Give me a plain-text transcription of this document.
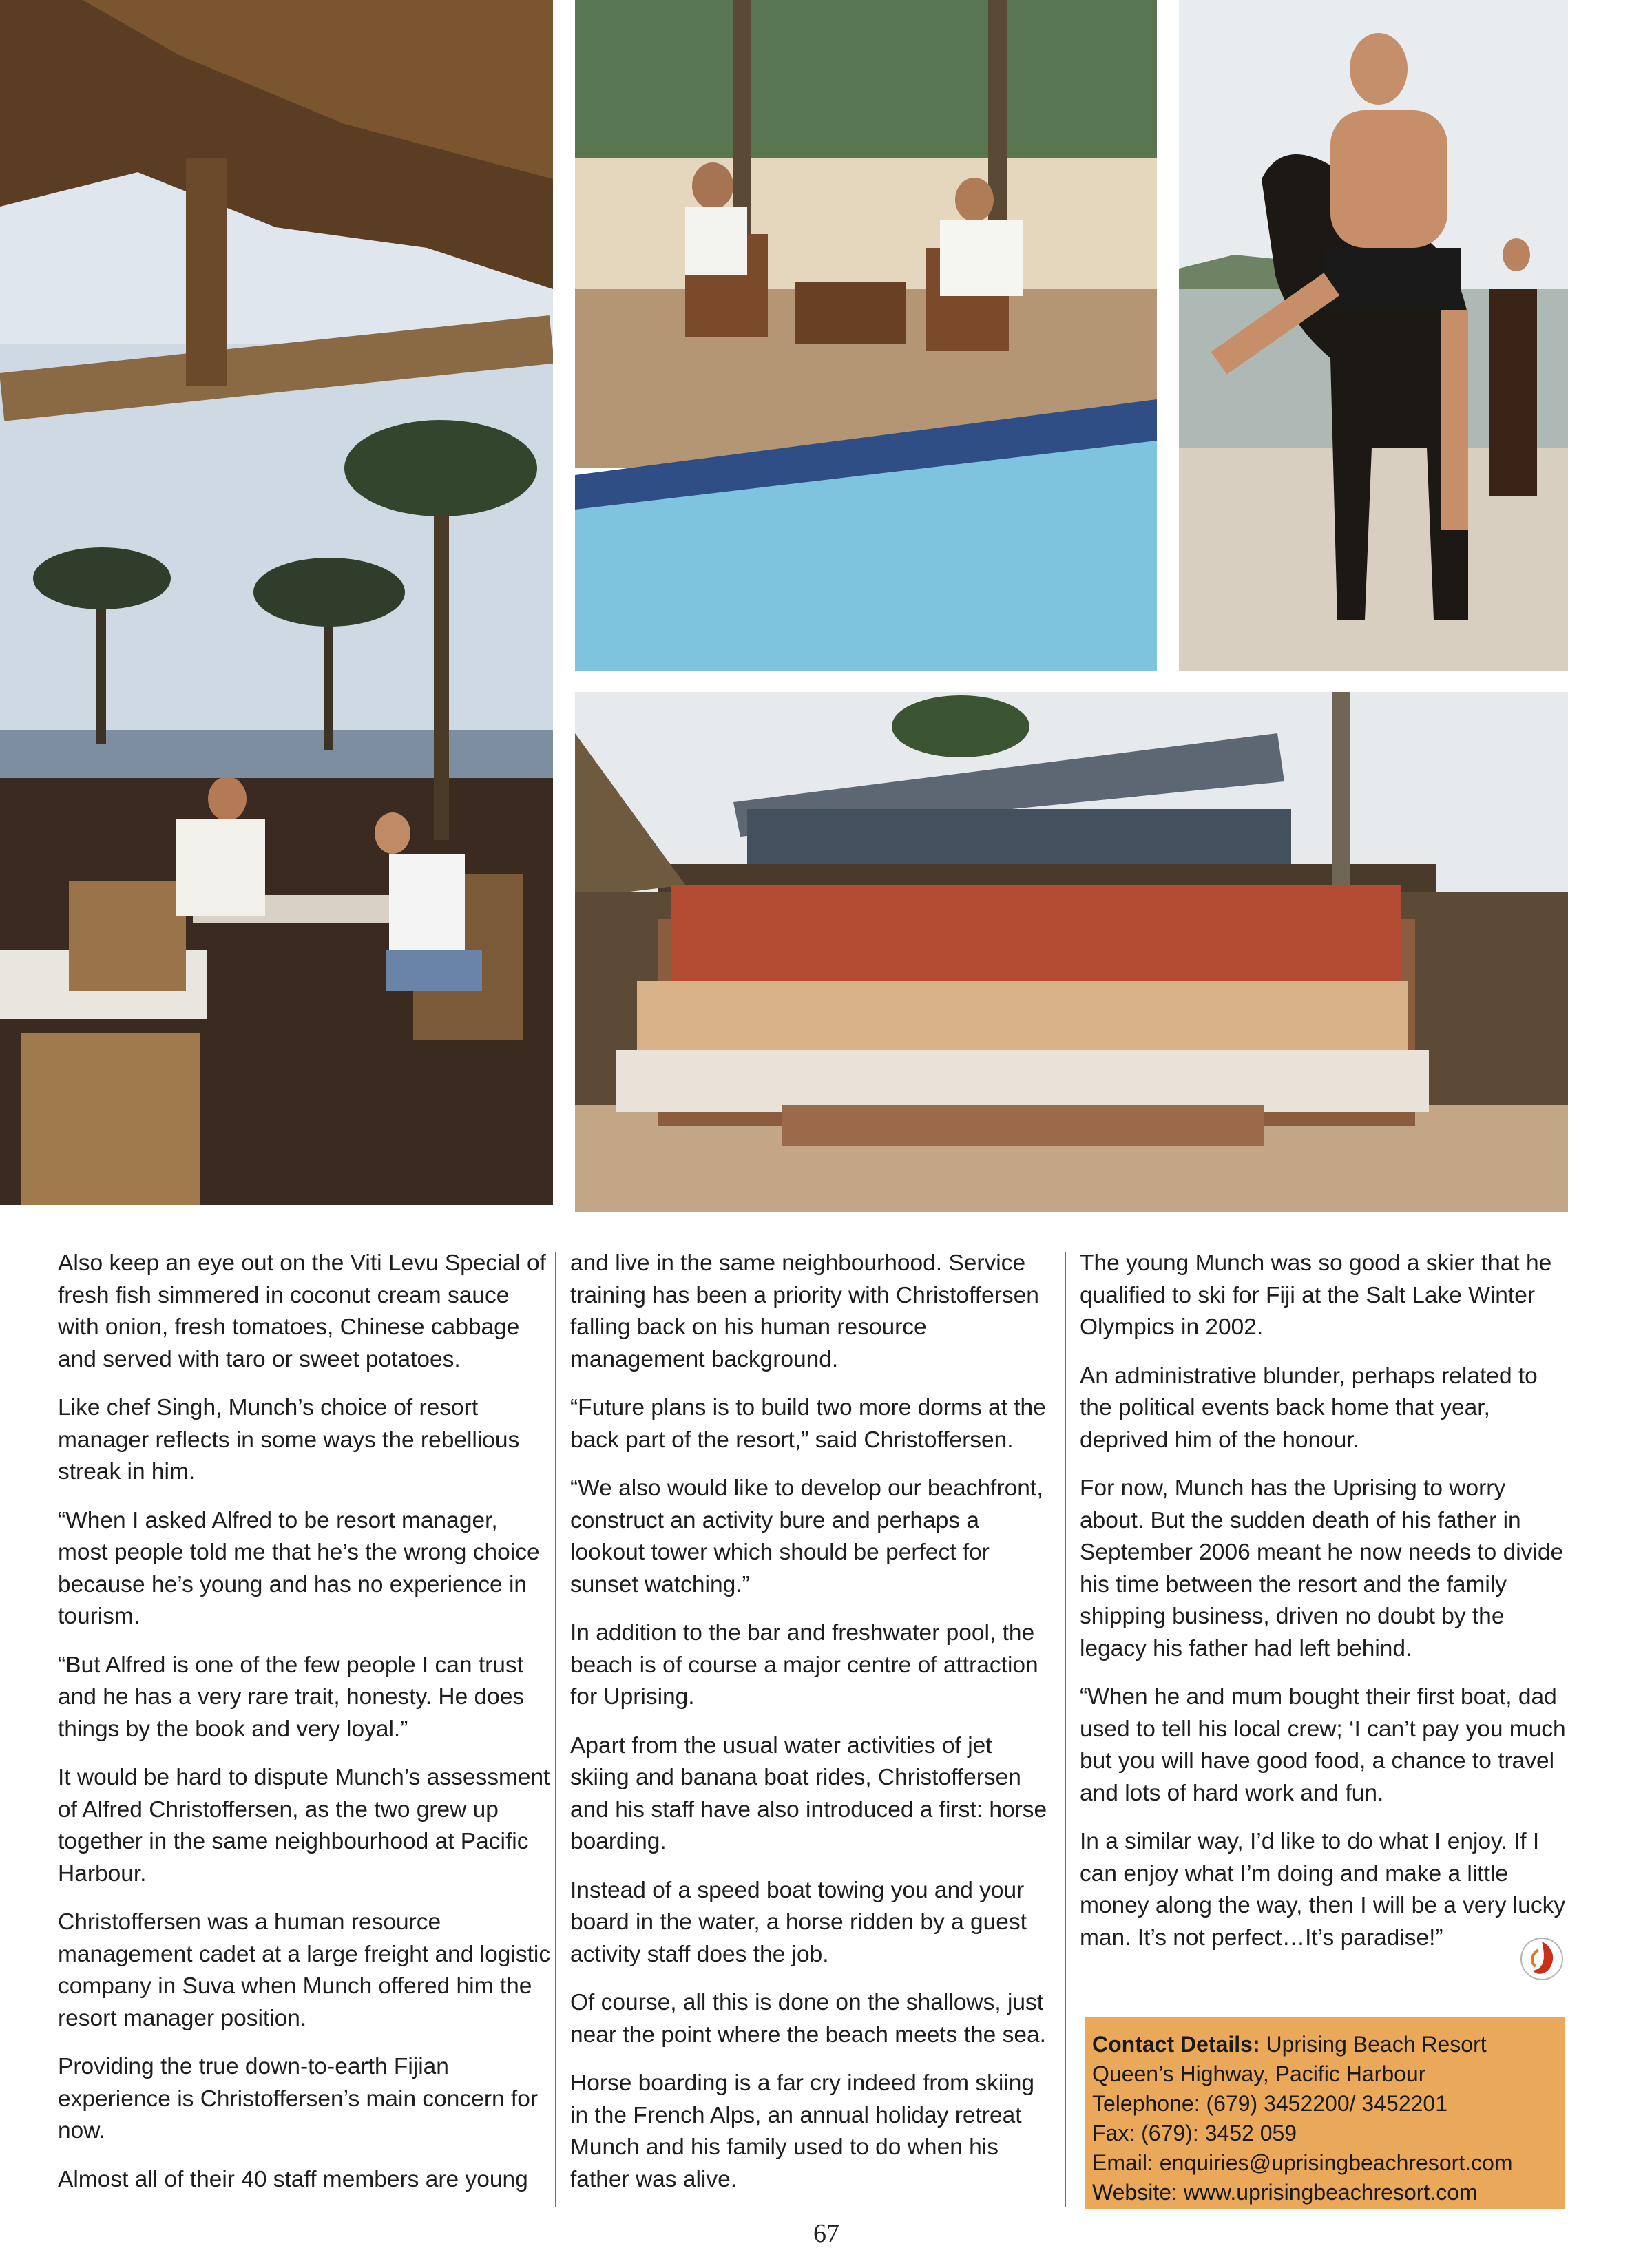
Also keep an eye out on the Viti Levu Special of fresh fish simmered in coconut cream sauce with onion, fresh tomatoes, Chinese cabbage and served with taro or sweet potatoes.

Like chef Singh, Munch’s choice of resort manager reflects in some ways the rebellious streak in him.

“When I asked Alfred to be resort manager, most people told me that he’s the wrong choice because he’s young and has no experience in tourism.

“But Alfred is one of the few people I can trust and he has a very rare trait, honesty. He does things by the book and very loyal.”

It would be hard to dispute Munch’s assessment of Alfred Christoffersen, as the two grew up together in the same neighbourhood at Pacific Harbour.

Christoffersen was a human resource management cadet at a large freight and logistic company in Suva when Munch offered him the resort manager position.

Providing the true down-to-earth Fijian experience is Christoffersen’s main concern for now.

Almost all of their 40 staff members are young

and live in the same neighbourhood. Service training has been a priority with Christoffersen falling back on his human resource management background.

“Future plans is to build two more dorms at the back part of the resort,” said Christoffersen.

“We also would like to develop our beachfront, construct an activity bure and perhaps a lookout tower which should be perfect for sunset watching.”

In addition to the bar and freshwater pool, the beach is of course a major centre of attraction for Uprising.

Apart from the usual water activities of jet skiing and banana boat rides, Christoffersen and his staff have also introduced a first: horse boarding.

Instead of a speed boat towing you and your board in the water, a horse ridden by a guest activity staff does the job.

Of course, all this is done on the shallows, just near the point where the beach meets the sea.

Horse boarding is a far cry indeed from skiing in the French Alps, an annual holiday retreat Munch and his family used to do when his father was alive.

The young Munch was so good a skier that he qualified to ski for Fiji at the Salt Lake Winter Olympics in 2002.

An administrative blunder, perhaps related to the political events back home that year, deprived him of the honour.

For now, Munch has the Uprising to worry about. But the sudden death of his father in September 2006 meant he now needs to divide his time between the resort and the family shipping business, driven no doubt by the legacy his father had left behind.

“When he and mum bought their first boat, dad used to tell his local crew; ‘I can’t pay you much but you will have good food, a chance to travel and lots of hard work and fun.

In a similar way, I’d like to do what I enjoy. If I can enjoy what I’m doing and make a little money along the way, then I will be a very lucky man. It’s not perfect…It’s paradise!”

Contact Details: Uprising Beach Resort
Queen’s Highway, Pacific Harbour
Telephone: (679) 3452200/ 3452201
Fax: (679): 3452 059
Email: enquiries@uprisingbeachresort.com
Website: www.uprisingbeachresort.com
67
